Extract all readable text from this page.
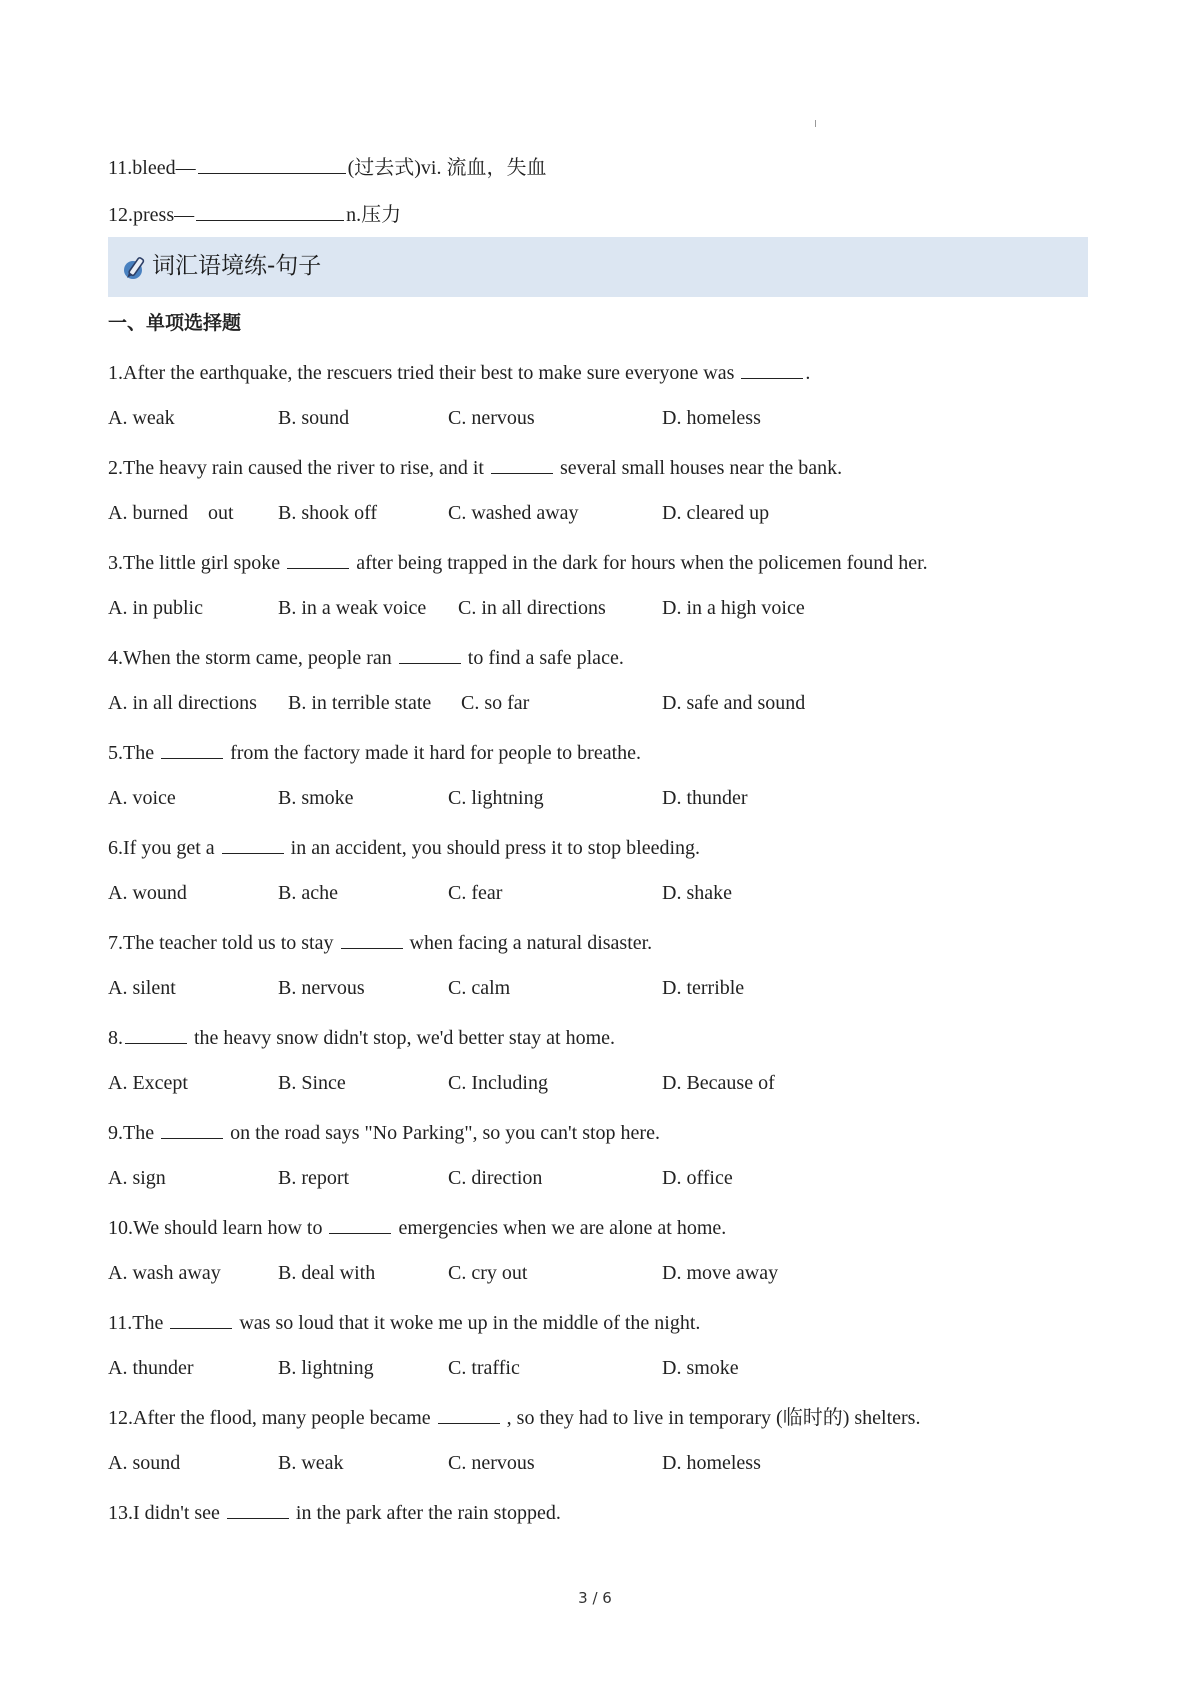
11.bleed—	(过去式)vi. 流血，失血
12.press—	n.压力
词汇语境练-句子
一、单项选择题
1.After the earthquake, the rescuers tried their best to make sure everyone was	.
A. weak	B. sound	C. nervous	D. homeless
2.The heavy rain caused the river to rise, and it	several small houses near the bank.
A. burned    out B. shook off	C. washed away	D. cleared up
3.The little girl spoke	after being trapped in the dark for hours when the policemen found her.
A. in public	B. in a weak voice C. in all directions	D. in a high voice
4.When the storm came, people ran	to find a safe place.
A. in all directions B. in terrible state C. so far	D. safe and sound
5.The	from the factory made it hard for people to breathe.
A. voice	B. smoke	C. lightning	D. thunder
6.If you get a	in an accident, you should press it to stop bleeding.
A. wound	B. ache	C. fear	D. shake
7.The teacher told us to stay	when facing a natural disaster.
A. silent	B. nervous	C. calm	D. terrible
8.	the heavy snow didn't stop, we'd better stay at home.
A. Except	B. Since	C. Including	D. Because of
9.The	on the road says "No Parking", so you can't stop here.
A. sign	B. report	C. direction	D. office
10.We should learn how to	emergencies when we are alone at home.
A. wash away	B. deal with	C. cry out	D. move away
11.The	was so loud that it woke me up in the middle of the night.
A. thunder	B. lightning	C. traffic	D. smoke
12.After the flood, many people became	, so they had to live in temporary (临时的) shelters.
A. sound	B. weak	C. nervous	D. homeless
13.I didn't see	in the park after the rain stopped.
3 / 6
